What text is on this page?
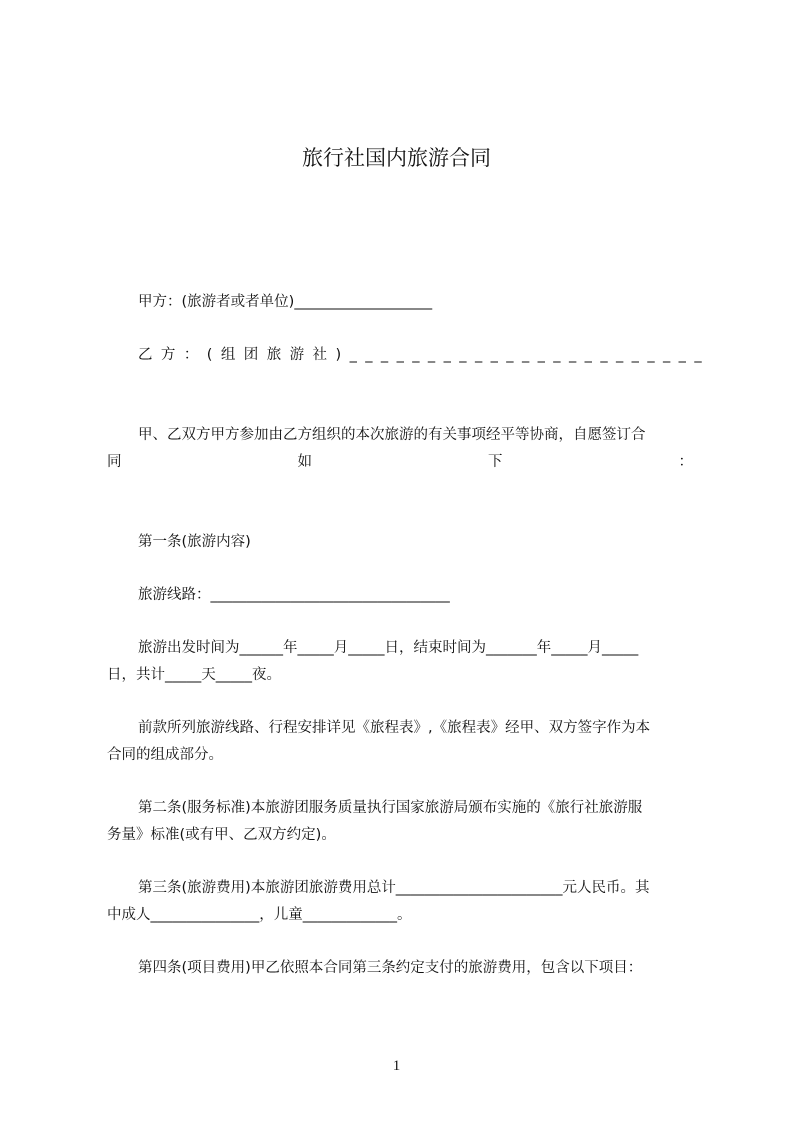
旅行社国内旅游合同
甲方：(旅游者或者单位)___________________
乙 方 ： ( 组 团 旅 游 社 ) _ _ _ _ _ _ _ _ _ _ _ _ _ _ _ _ _ _ _ _ _ _ _
甲、乙双方甲方参加由乙方组织的本次旅游的有关事项经平等协商，自愿签订合
同	如	下	：
第一条(旅游内容)
旅游线路：_________________________________
旅游出发时间为______年_____月_____日，结束时间为_______年_____月_____
日，共计_____天_____夜。
前款所列旅游线路、行程安排详见《旅程表》,《旅程表》经甲、双方签字作为本
合同的组成部分。
第二条(服务标准)本旅游团服务质量执行国家旅游局颁布实施的《旅行社旅游服
务量》标准(或有甲、乙双方约定)。
第三条(旅游费用)本旅游团旅游费用总计_______________________元人民币。其
中成人_______________，儿童_____________。
第四条(项目费用)甲乙依照本合同第三条约定支付的旅游费用，包含以下项目：
1
